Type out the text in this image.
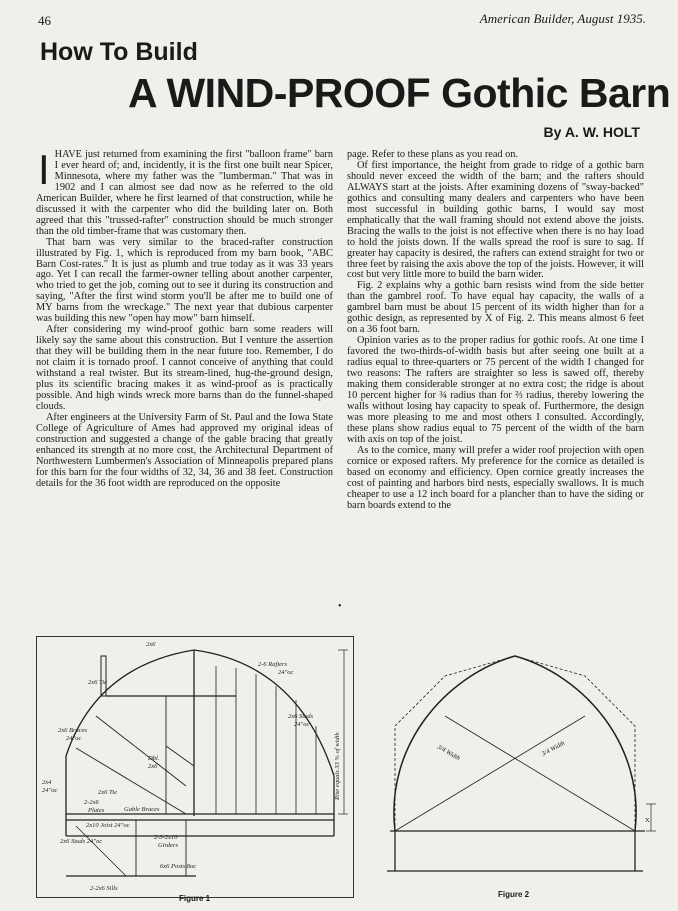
46	American Builder, August 1935.
How To Build
A WIND-PROOF Gothic Barn
By A. W. HOLT

IHAVE just returned from examining the first "balloon frame" barn I ever heard of; and, incidently, it is the first one built near Spicer, Minnesota, where my father was the "lumberman." That was in 1902 and I can almost see dad now as he referred to the old American Builder, where he first learned of that construction, while he discussed it with the carpenter who did the building later on. Both agreed that this "trussed-rafter" construction should be much stronger than the old timber-frame that was customary then.

That barn was very similar to the braced-rafter construction illustrated by Fig. 1, which is reproduced from my barn book, "ABC Barn Cost-rates." It is just as plumb and true today as it was 33 years ago. Yet I can recall the farmer-owner telling about another carpenter, who tried to get the job, coming out to see it during its construction and saying, "After the first wind storm you'll be after me to build one of MY barns from the wreckage." The next year that dubious carpenter was building this new "open hay mow" barn himself.

After considering my wind-proof gothic barn some readers will likely say the same about this construction. But I venture the assertion that they will be building them in the near future too. Remember, I do not claim it is tornado proof. I cannot conceive of anything that could withstand a real twister. But its stream-lined, hug-the-ground design, plus its scientific bracing makes it as wind-proof as is practically possible. And high winds wreck more barns than do the funnel-shaped clouds.

After engineers at the University Farm of St. Paul and the Iowa State College of Agriculture of Ames had approved my original ideas of construction and suggested a change of the gable bracing that greatly enhanced its strength at no more cost, the Architectural Department of Northwestern Lumbermen's Association of Minneapolis prepared plans for this barn for the four widths of 32, 34, 36 and 38 feet. Construction details for the 36 foot width are reproduced on the opposite

•

page. Refer to these plans as you read on.

Of first importance, the height from grade to ridge of a gothic barn should never exceed the width of the barn; and the rafters should ALWAYS start at the joists. After examining dozens of "sway-backed" gothics and consulting many dealers and carpenters who have been most successful in building gothic barns, I would say most emphatically that the wall framing should not extend above the joists. Bracing the walls to the joist is not effective when there is no hay load to hold the joists down. If the walls spread the roof is sure to sag. If greater hay capacity is desired, the rafters can extend straight for two or three feet by raising the axis above the top of the joists. However, it will cost but very little more to build the barn wider.

Fig. 2 explains why a gothic barn resists wind from the side better than the gambrel roof. To have equal hay capacity, the walls of a gambrel barn must be about 15 percent of its width higher than for a gothic design, as represented by X of Fig. 2. This means almost 6 feet on a 36 foot barn.

Opinion varies as to the proper radius for gothic roofs. At one time I favored the two-thirds-of-width basis but after seeing one built at a radius equal to three-quarters or 75 percent of the width I changed for two reasons: The rafters are straighter so less is sawed off, thereby making them considerable stronger at no extra cost; the ridge is about 10 percent higher for ¾ radius than for ⅔ radius, thereby lowering the walls without losing hay capacity to speak of. Furthermore, the design was more pleasing to me and most others I consulted. Accordingly, these plans show radius equal to 75 percent of the width of the barn with axis on top of the joist.

As to the cornice, many will prefer a wider roof projection with open cornice or exposed rafters. My preference for the cornice as detailed is based on economy and efficiency. Open cornice greatly increases the cost of painting and harbors bird nests, especially swallows. It is much cheaper to use a 12 inch board for a plancher than to have the siding or barn boards extend to the

2x6
2x6 Tie
2-6 Rafters
24"oc
2x6 Braces
24"oc
2x6 Studs
24"oc
Rise equals 33 % of width
Dbl.
2x6
2x6 Tie
2x4
24"oc
2-2x6
Plates	Gable Braces
2x10 Joist 24"oc
2x6 Studs 24"oc
2-3-2x10
Girders
6x6 Posts 8oc
2-2x6 Sills
Figure 1
3/4 Width	3/4 Width
X
Figure 2
